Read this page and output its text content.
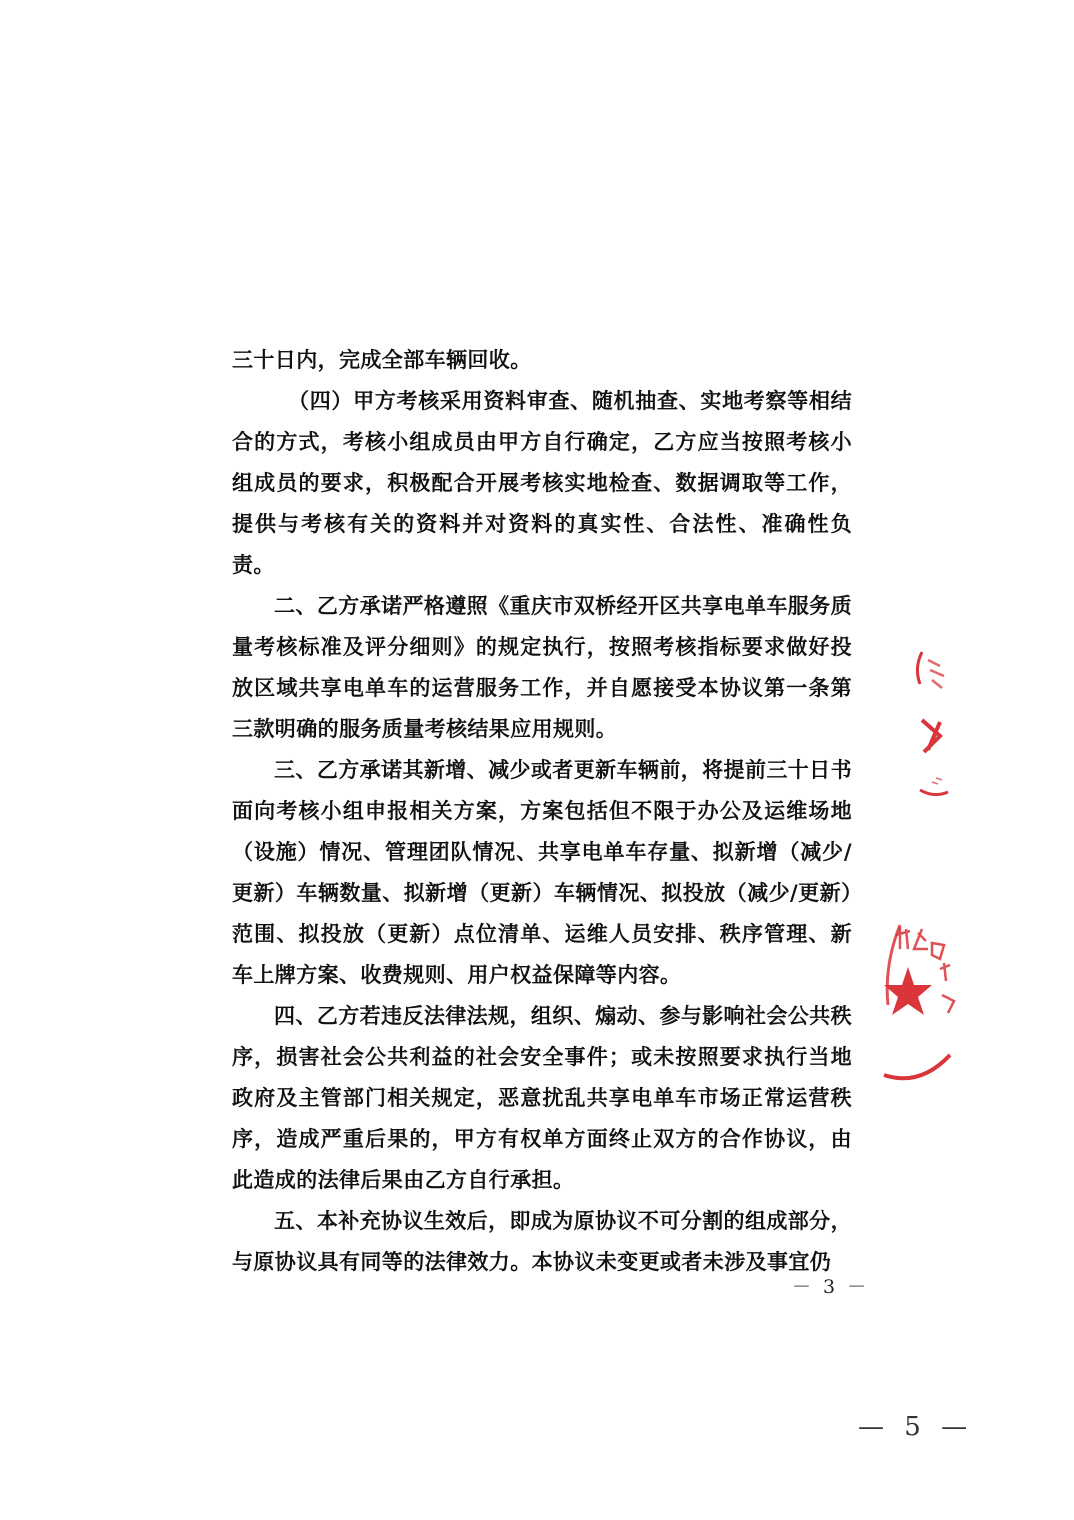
三十日内，完成全部车辆回收。

（四）甲方考核采用资料审查、随机抽查、实地考察等相结合的方式，考核小组成员由甲方自行确定，乙方应当按照考核小组成员的要求，积极配合开展考核实地检查、数据调取等工作，提供与考核有关的资料并对资料的真实性、合法性、准确性负责。

二、乙方承诺严格遵照《重庆市双桥经开区共享电单车服务质量考核标准及评分细则》的规定执行，按照考核指标要求做好投放区域共享电单车的运营服务工作，并自愿接受本协议第一条第三款明确的服务质量考核结果应用规则。

三、乙方承诺其新增、减少或者更新车辆前，将提前三十日书面向考核小组申报相关方案，方案包括但不限于办公及运维场地（设施）情况、管理团队情况、共享电单车存量、拟新增（减少/更新）车辆数量、拟新增（更新）车辆情况、拟投放（减少/更新）范围、拟投放（更新）点位清单、运维人员安排、秩序管理、新车上牌方案、收费规则、用户权益保障等内容。

四、乙方若违反法律法规，组织、煽动、参与影响社会公共秩序，损害社会公共利益的社会安全事件；或未按照要求执行当地政府及主管部门相关规定，恶意扰乱共享电单车市场正常运营秩序，造成严重后果的，甲方有权单方面终止双方的合作协议，由此造成的法律后果由乙方自行承担。

五、本补充协议生效后，即成为原协议不可分割的组成部分，与原协议具有同等的法律效力。本协议未变更或者未涉及事宜仍

－ 3 －
— 5 —
